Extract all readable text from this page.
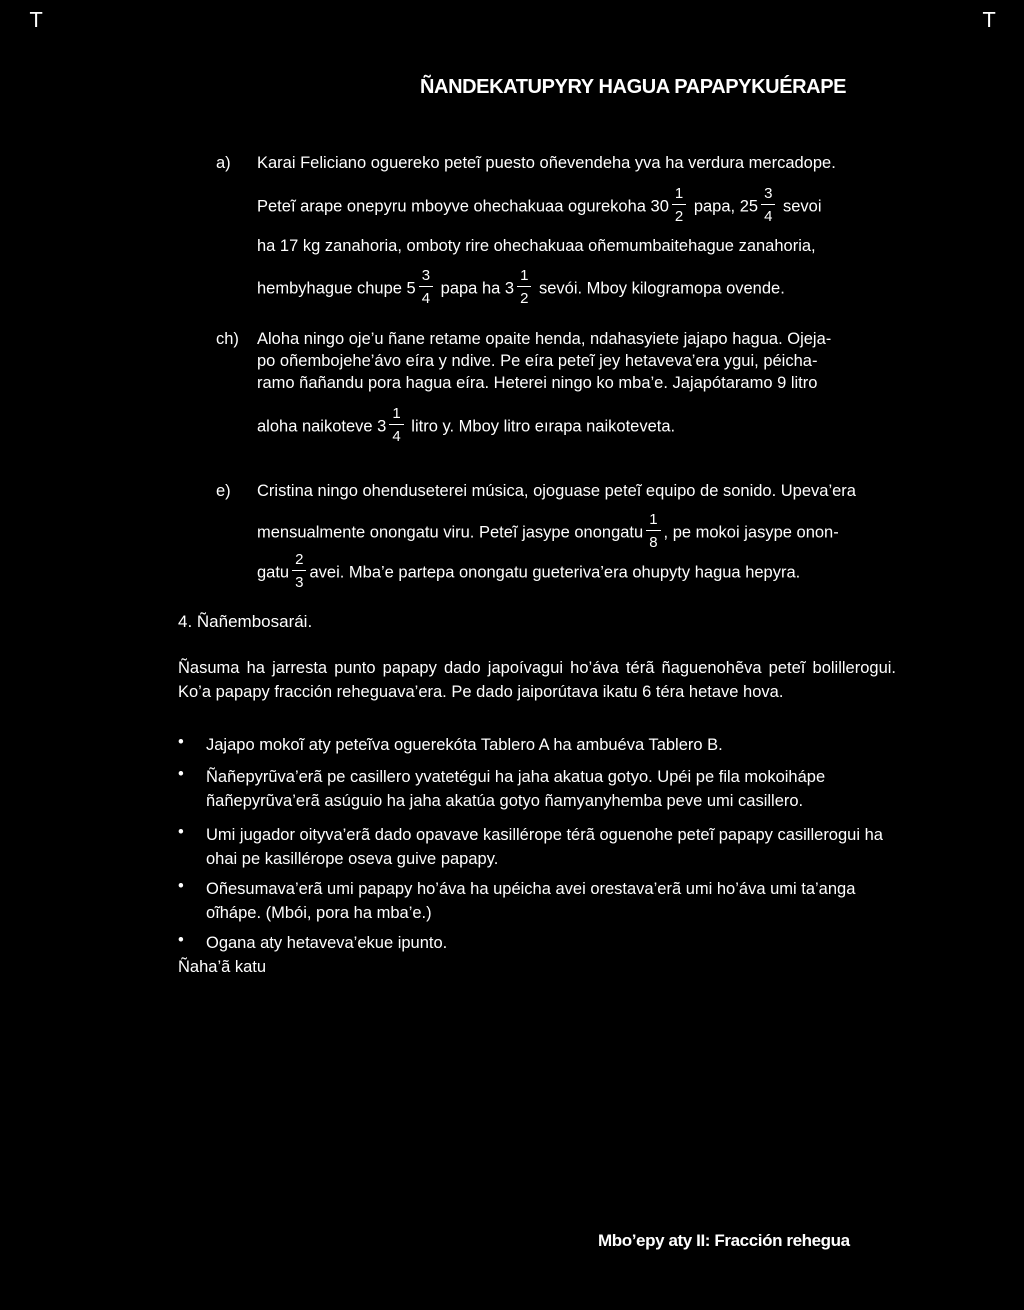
T	T
ÑANDEKATUPYRY HAGUA PAPAPYKUÉRAPE
a) Karai Feliciano oguereko peteĩ puesto oñevendeha yva ha verdura mercadope.
Peteĩ arape onepyru mboyve ohechakuaa ogurekoha $30 \frac{1}{2}$ papa, $25 \frac{3}{4}$ sevoi
ha 17 kg zanahoria, omboty rire ohechakuaa oñemumbaitehague zanahoria,
hembyhague chupe $5 \frac{3}{4}$ papa ha $3 \frac{1}{2}$ sevói. Mboy kilogramopa ovende.
ch) Aloha ningo oje’u ñane retame opaite henda, ndahasyiete jajapo hagua. Ojeja-
po oñembojehe’ávo eíra y ndive. Pe eíra peteĩ jey hetaveva’era ygui, péicha-
ramo ñañandu pora hagua eíra. Heterei ningo ko mba’e. Jajapótaramo 9 litro
aloha naikoteve $3 \frac{1}{4}$ litro y. Mboy litro eırapa naikoteveta.
e) Cristina ningo ohenduseterei música, ojoguase peteĩ equipo de sonido. Upeva’era
mensualmente onongatu viru. Peteĩ jasype onongatu $\frac{1}{8}$ , pe mokoi jasype onon-
gatu $\frac{2}{3}$ avei. Mba’e partepa onongatu gueteriva’era ohupyty hagua hepyra.
4. Ñañembosarái.
Ñasuma ha jarresta punto papapy dado japoívagui ho’áva térã ñaguenohẽva peteĩ bolillerogui. Ko’a papapy fracción reheguava’era. Pe dado jaiporútava ikatu 6 téra hetave hova.
• Jajapo mokoĩ aty peteĩva oguerekóta Tablero A ha ambuéva Tablero B.
• Ñañepyrũva’erã pe casillero yvatetégui ha jaha akatua gotyo. Upéi pe fila mokoihápe ñañepyrũva’erã asúguio ha jaha akatúa gotyo ñamyanyhemba peve umi casillero.
• Umi jugador oityva’erã dado opavave kasillérope térã oguenohe peteĩ papapy casillerogui ha ohai pe kasillérope oseva guive papapy.
• Oñesumava’erã umi papapy ho’áva ha upéicha avei orestava’erã umi ho’áva umi ta’anga oĩhápe. (Mbói, pora ha mba’e.)
• Ogana aty hetaveva’ekue ipunto.
Ñaha’ã katu
Mbo’epy aty II: Fracción rehegua
